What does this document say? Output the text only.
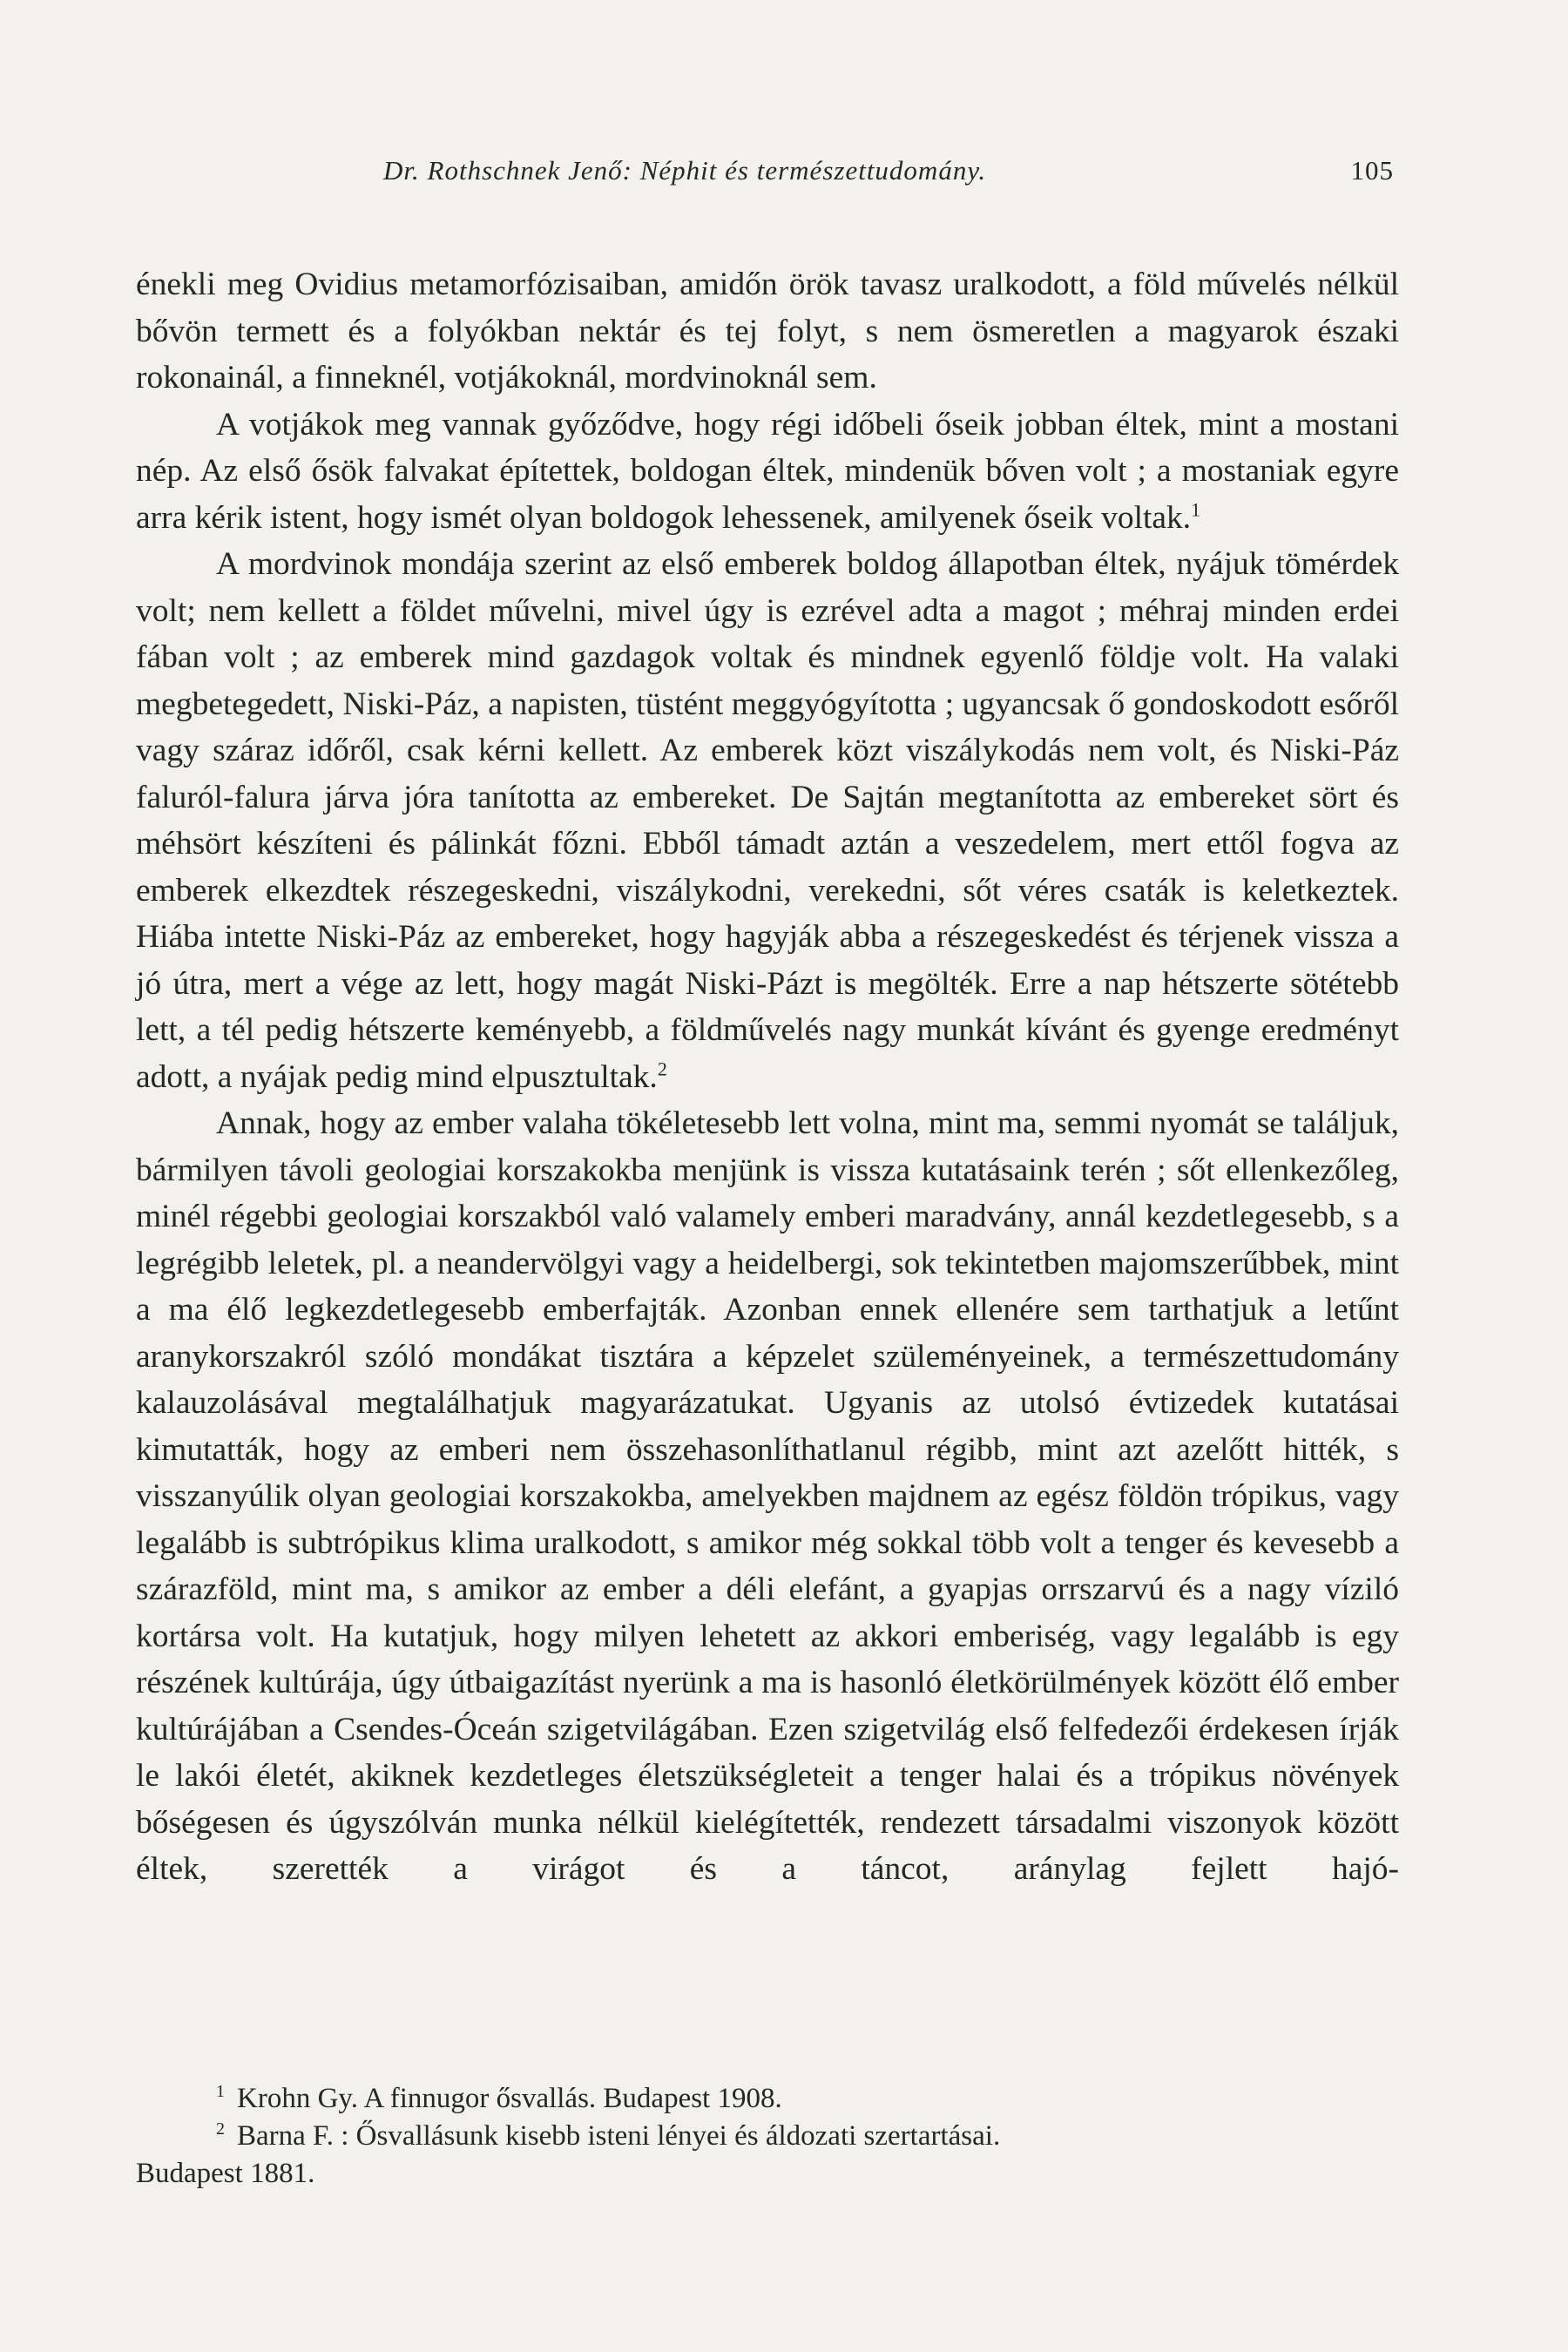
Dr. Rothschnek Jenő: Néphit és természettudomány.	105

énekli meg Ovidius metamorfózisaiban, amidőn örök tavasz uralkodott, a föld művelés nélkül bővön termett és a folyókban nektár és tej folyt, s nem ösmeretlen a magyarok északi rokonainál, a finneknél, votjákoknál, mordvinoknál sem.

A votjákok meg vannak győződve, hogy régi időbeli őseik jobban éltek, mint a mostani nép. Az első ősök falvakat építettek, boldogan éltek, mindenük bőven volt ; a mostaniak egyre arra kérik istent, hogy ismét olyan boldogok lehessenek, amilyenek őseik voltak.$^1$

A mordvinok mondája szerint az első emberek boldog állapotban éltek, nyájuk tömérdek volt; nem kellett a földet művelni, mivel úgy is ezrével adta a magot ; méhraj minden erdei fában volt ; az emberek mind gazdagok voltak és mindnek egyenlő földje volt. Ha valaki megbetegedett, Niski-Páz, a napisten, tüstént meggyógyította ; ugyancsak ő gondoskodott esőről vagy száraz időről, csak kérni kellett. Az emberek közt viszálykodás nem volt, és Niski-Páz faluról-falura járva jóra tanította az embereket. De Sajtán megtanította az embereket sört és méhsört készíteni és pálinkát főzni. Ebből támadt aztán a veszedelem, mert ettől fogva az emberek elkezdtek részegeskedni, viszálykodni, verekedni, sőt véres csaták is keletkeztek. Hiába intette Niski-Páz az embereket, hogy hagyják abba a részegeskedést és térjenek vissza a jó útra, mert a vége az lett, hogy magát Niski-Pázt is megölték. Erre a nap hétszerte sötétebb lett, a tél pedig hétszerte keményebb, a földművelés nagy munkát kívánt és gyenge eredményt adott, a nyájak pedig mind elpusztultak.$^2$

Annak, hogy az ember valaha tökéletesebb lett volna, mint ma, semmi nyomát se találjuk, bármilyen távoli geologiai korszakokba menjünk is vissza kutatásaink terén ; sőt ellenkezőleg, minél régebbi geologiai korszakból való valamely emberi maradvány, annál kezdetlegesebb, s a legrégibb leletek, pl. a neandervölgyi vagy a heidelbergi, sok tekintetben majomszerűbbek, mint a ma élő legkezdetlegesebb emberfajták. Azonban ennek ellenére sem tarthatjuk a letűnt aranykorszakról szóló mondákat tisztára a képzelet szüleményeinek, a természettudomány kalauzolásával megtalálhatjuk magyarázatukat. Ugyanis az utolsó évtizedek kutatásai kimutatták, hogy az emberi nem összehasonlíthatlanul régibb, mint azt azelőtt hitték, s visszanyúlik olyan geologiai korszakokba, amelyekben majdnem az egész földön trópikus, vagy legalább is subtrópikus klima uralkodott, s amikor még sokkal több volt a tenger és kevesebb a szárazföld, mint ma, s amikor az ember a déli elefánt, a gyapjas orrszarvú és a nagy víziló kortársa volt. Ha kutatjuk, hogy milyen lehetett az akkori emberiség, vagy legalább is egy részének kultúrája, úgy útbaigazítást nyerünk a ma is hasonló életkörülmények között élő ember kultúrájában a Csendes-Óceán szigetvilágában. Ezen szigetvilág első felfedezői érdekesen írják le lakói életét, akiknek kezdetleges életszükségleteit a tenger halai és a trópikus növények bőségesen és úgyszólván munka nélkül kielégítették, rendezett társadalmi viszonyok között éltek, szerették a virágot és a táncot, aránylag fejlett hajó-

$^1$ Krohn Gy. A finnugor ősvallás. Budapest 1908.

$^2$ Barna F. : Ősvallásunk kisebb isteni lényei és áldozati szertartásai.

Budapest 1881.
